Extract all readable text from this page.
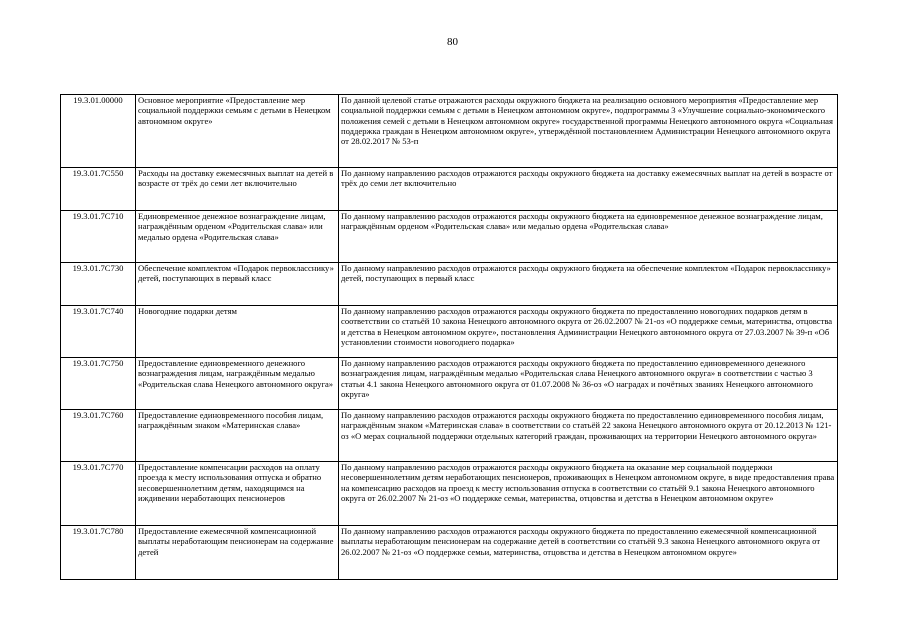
80
19.3.01.00000	Основное мероприятие «Предоставление мер социальной поддержки семьям с детьми в Ненецком автономном округе»	По данной целевой статье отражаются расходы окружного бюджета на реализацию основного мероприятия «Предоставление мер социальной поддержки семьям с детьми в Ненецком автономном округе», подпрограммы 3 «Улучшение социально-экономического положения семей с детьми в Ненецком автономном округе» государственной программы Ненецкого автономного округа «Социальная поддержка граждан в Ненецком автономном округе», утверждённой постановлением Администрации Ненецкого автономного округа от 28.02.2017 № 53-п
19.3.01.7С550	Расходы на доставку ежемесячных выплат на детей в возрасте от трёх до семи лет включительно	По данному направлению расходов отражаются расходы окружного бюджета на доставку ежемесячных выплат на детей в возрасте от трёх до семи лет включительно
19.3.01.7С710	Единовременное денежное вознаграждение лицам, награждённым орденом «Родительская слава» или медалью ордена «Родительская слава»	По данному направлению расходов отражаются расходы окружного бюджета на единовременное денежное вознаграждение лицам, награждённым орденом «Родительская слава» или медалью ордена «Родительская слава»
19.3.01.7С730	Обеспечение комплектом «Подарок первокласснику» детей, поступающих в первый класс	По данному направлению расходов отражаются расходы окружного бюджета на обеспечение комплектом «Подарок первокласснику» детей, поступающих в первый класс
19.3.01.7С740	Новогодние подарки детям	По данному направлению расходов отражаются расходы окружного бюджета по предоставлению новогодних подарков детям в соответствии со статьёй 10 закона Ненецкого автономного округа от 26.02.2007 № 21-оз «О поддержке семьи, материнства, отцовства и детства в Ненецком автономном округе», постановления Администрации Ненецкого автономного округа от 27.03.2007 № 39-п «Об установлении стоимости новогоднего подарка»
19.3.01.7С750	Предоставление единовременного денежного вознаграждения лицам, награждённым медалью «Родительская слава Ненецкого автономного округа»	По данному направлению расходов отражаются расходы окружного бюджета по предоставлению единовременного денежного вознаграждения лицам, награждённым медалью «Родительская слава Ненецкого автономного округа» в соответствии с частью 3 статьи 4.1 закона Ненецкого автономного округа от 01.07.2008 № 36-оз «О наградах и почётных званиях Ненецкого автономного округа»
19.3.01.7С760	Предоставление единовременного пособия лицам, награждённым знаком «Материнская слава»	По данному направлению расходов отражаются расходы окружного бюджета по предоставлению единовременного пособия лицам, награждённым знаком «Материнская слава» в соответствии со статьёй 22 закона Ненецкого автономного округа от 20.12.2013 № 121-оз «О мерах социальной поддержки отдельных категорий граждан, проживающих на территории Ненецкого автономного округа»
19.3.01.7С770	Предоставление компенсации расходов на оплату проезда к месту использования отпуска и обратно несовершеннолетним детям, находящимся на иждивении неработающих пенсионеров	По данному направлению расходов отражаются расходы окружного бюджета на оказание мер социальной поддержки несовершеннолетним детям неработающих пенсионеров, проживающих в Ненецком автономном округе, в виде предоставления права на компенсацию расходов на проезд к месту использования отпуска в соответствии со статьёй 9.1 закона Ненецкого автономного округа от 26.02.2007 № 21-оз «О поддержке семьи, материнства, отцовства и детства в Ненецком автономном округе»
19.3.01.7С780	Предоставление ежемесячной компенсационной выплаты неработающим пенсионерам на содержание детей	По данному направлению расходов отражаются расходы окружного бюджета по предоставлению ежемесячной компенсационной выплаты неработающим пенсионерам на содержание детей в соответствии со статьёй 9.3 закона Ненецкого автономного округа от 26.02.2007 № 21-оз «О поддержке семьи, материнства, отцовства и детства в Ненецком автономном округе»
